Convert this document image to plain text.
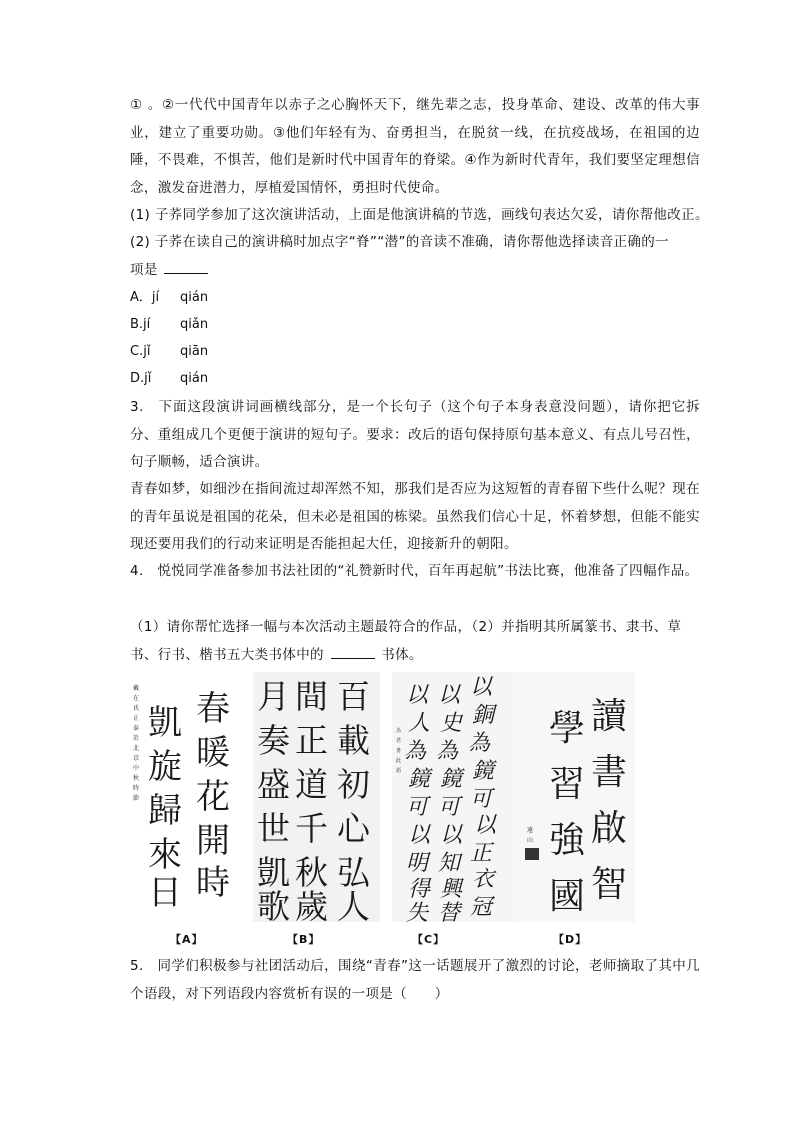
① 。②一代代中国青年以赤子之心胸怀天下，继先辈之志，投身革命、建设、改革的伟大事业，建立了重要功勋。③他们年轻有为、奋勇担当，在脱贫一线，在抗疫战场，在祖国的边陲，不畏难，不惧苦，他们是新时代中国青年的脊梁。④作为新时代青年，我们要坚定理想信念，激发奋进潜力，厚植爱国情怀，勇担时代使命。
(1) 子荞同学参加了这次演讲活动，上面是他演讲稿的节选，画线句表达欠妥，请你帮他改正。
(2) 子荞在读自己的演讲稿时加点字“脊”“潜”的音读不准确，请你帮他选择读音正确的一
项是
A．jí qián
B.jí qiǎn
C.jǐ qiān
D.jǐ qián
3.　下面这段演讲词画横线部分，是一个长句子（这个句子本身表意没问题），请你把它拆分、重组成几个更便于演讲的短句子。要求：改后的语句保持原句基本意义、有点儿号召性，句子顺畅，适合演讲。
青春如梦，如细沙在指间流过却浑然不知，那我们是否应为这短暂的青春留下些什么呢？现在的青年虽说是祖国的花朵，但未必是祖国的栋梁。虽然我们信心十足，怀着梦想，但能不能实现还要用我们的行动来证明是否能担起大任，迎接新升的朝阳。
4.　悦悦同学准备参加书法社团的“礼赞新时代，百年再起航”书法比赛，他准备了四幅作品。
（1）请你帮忙选择一幅与本次活动主题最符合的作品，（2）并指明其所属篆书、隶书、草
书、行书、楷书五大类书体中的	书体。
戴
在
氏
正
泰
於
北
京
中
秋
時
節
春
暖
花
開
時
凱
旋
歸
來
日
百
載
初
心
弘
人
間
正
道
千
秋
歲
月
奏
盛
世
凱
歌
以
銅
為
鏡
可
以
正
衣
冠
以
史
為
鏡
可
以
知
興
替
以
人
為
鏡
可
以
明
得
失
為
君
書
此
語
讀
書
啟
智
學
習
強
國
遠
山
【A】	【B】	【C】	【D】
5.　同学们积极参与社团活动后，围绕“青春”这一话题展开了激烈的讨论，老师摘取了其中几个语段，对下列语段内容赏析有误的一项是（　　）
